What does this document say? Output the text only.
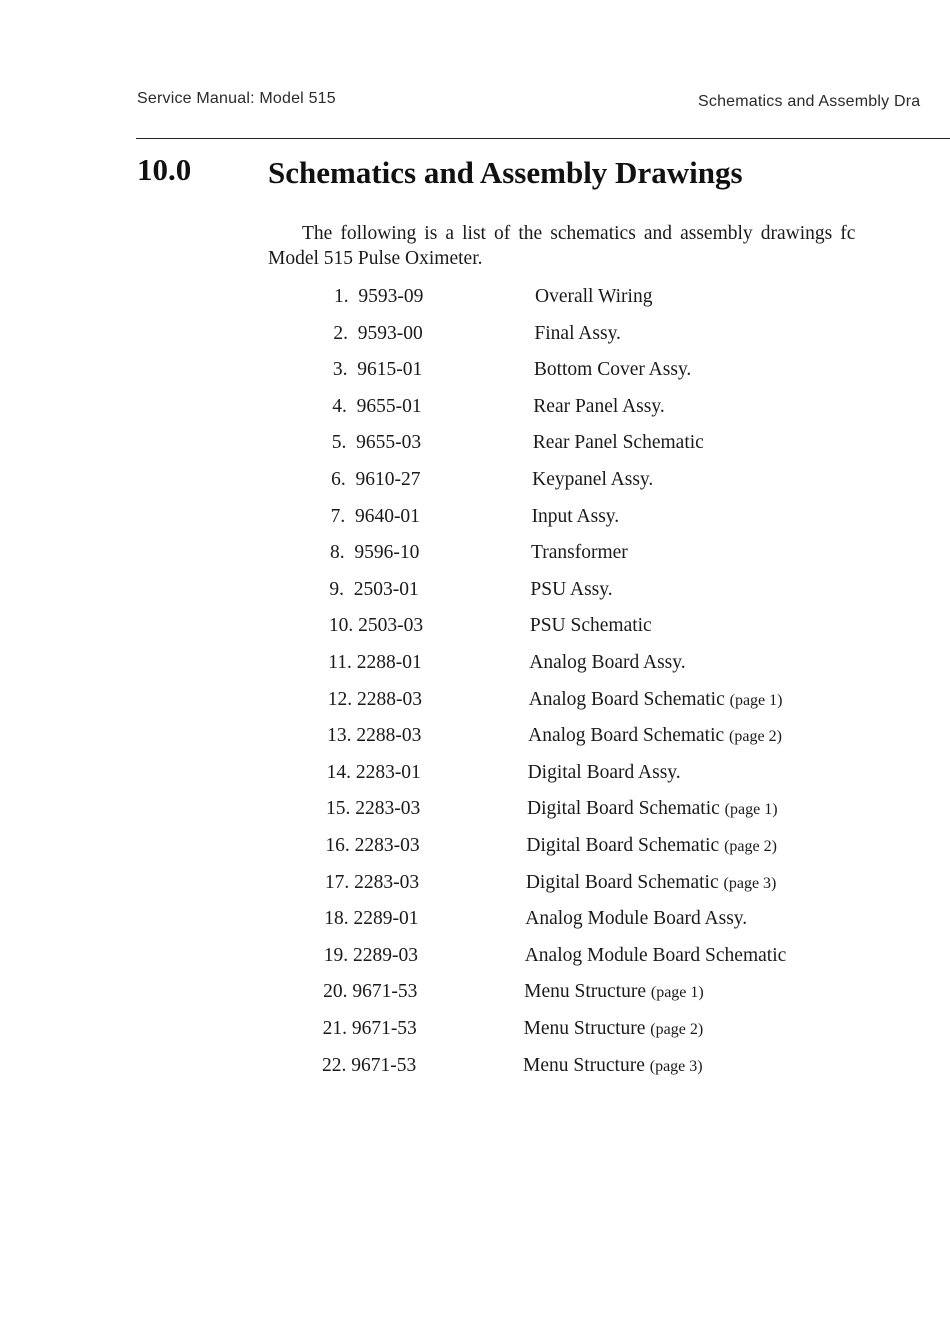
Service Manual: Model 515	Schematics and Assembly Dra
10.0 Schematics and Assembly Drawings
The following is a list of the schematics and assembly drawings fc
Model 515 Pulse Oximeter.
1.  9593-09	Overall Wiring
2.  9593-00	Final Assy.
3.  9615-01	Bottom Cover Assy.
4.  9655-01	Rear Panel Assy.
5.  9655-03	Rear Panel Schematic
6.  9610-27	Keypanel Assy.
7.  9640-01	Input Assy.
8.  9596-10	Transformer
9.  2503-01	PSU Assy.
10. 2503-03	PSU Schematic
11. 2288-01	Analog Board Assy.
12. 2288-03	Analog Board Schematic (page 1)
13. 2288-03	Analog Board Schematic (page 2)
14. 2283-01	Digital Board Assy.
15. 2283-03	Digital Board Schematic (page 1)
16. 2283-03	Digital Board Schematic (page 2)
17. 2283-03	Digital Board Schematic (page 3)
18. 2289-01	Analog Module Board Assy.
19. 2289-03	Analog Module Board Schematic
20. 9671-53	Menu Structure (page 1)
21. 9671-53	Menu Structure (page 2)
22. 9671-53	Menu Structure (page 3)
